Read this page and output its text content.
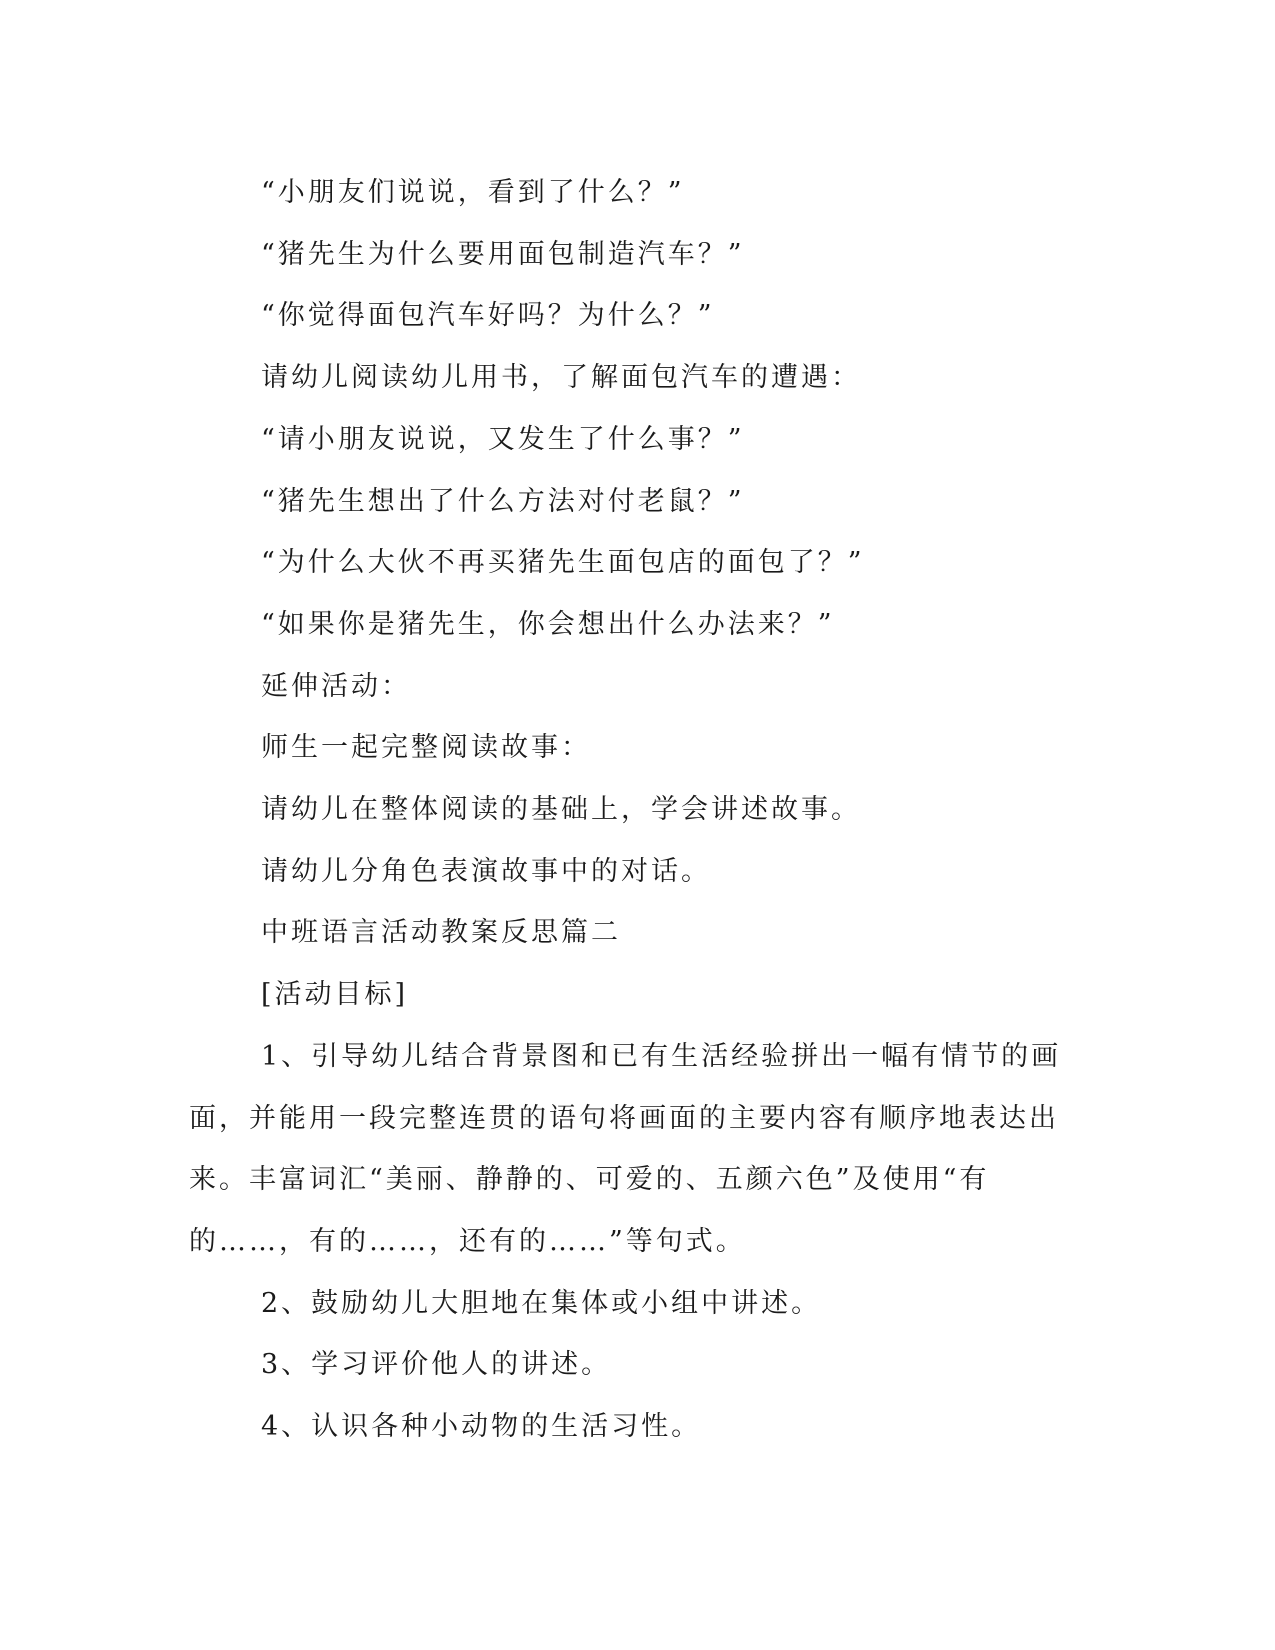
“小朋友们说说，看到了什么？”

“猪先生为什么要用面包制造汽车？”

“你觉得面包汽车好吗？为什么？”

请幼儿阅读幼儿用书，了解面包汽车的遭遇：

“请小朋友说说，又发生了什么事？”

“猪先生想出了什么方法对付老鼠？”

“为什么大伙不再买猪先生面包店的面包了？”

“如果你是猪先生，你会想出什么办法来？”

延伸活动：

师生一起完整阅读故事：

请幼儿在整体阅读的基础上，学会讲述故事。

请幼儿分角色表演故事中的对话。

中班语言活动教案反思篇二

[活动目标]

1、引导幼儿结合背景图和已有生活经验拼出一幅有情节的画面，并能用一段完整连贯的语句将画面的主要内容有顺序地表达出来。丰富词汇“美丽、静静的、可爱的、五颜六色”及使用“有的……，有的……，还有的……”等句式。

2、鼓励幼儿大胆地在集体或小组中讲述。

3、学习评价他人的讲述。

4、认识各种小动物的生活习性。
